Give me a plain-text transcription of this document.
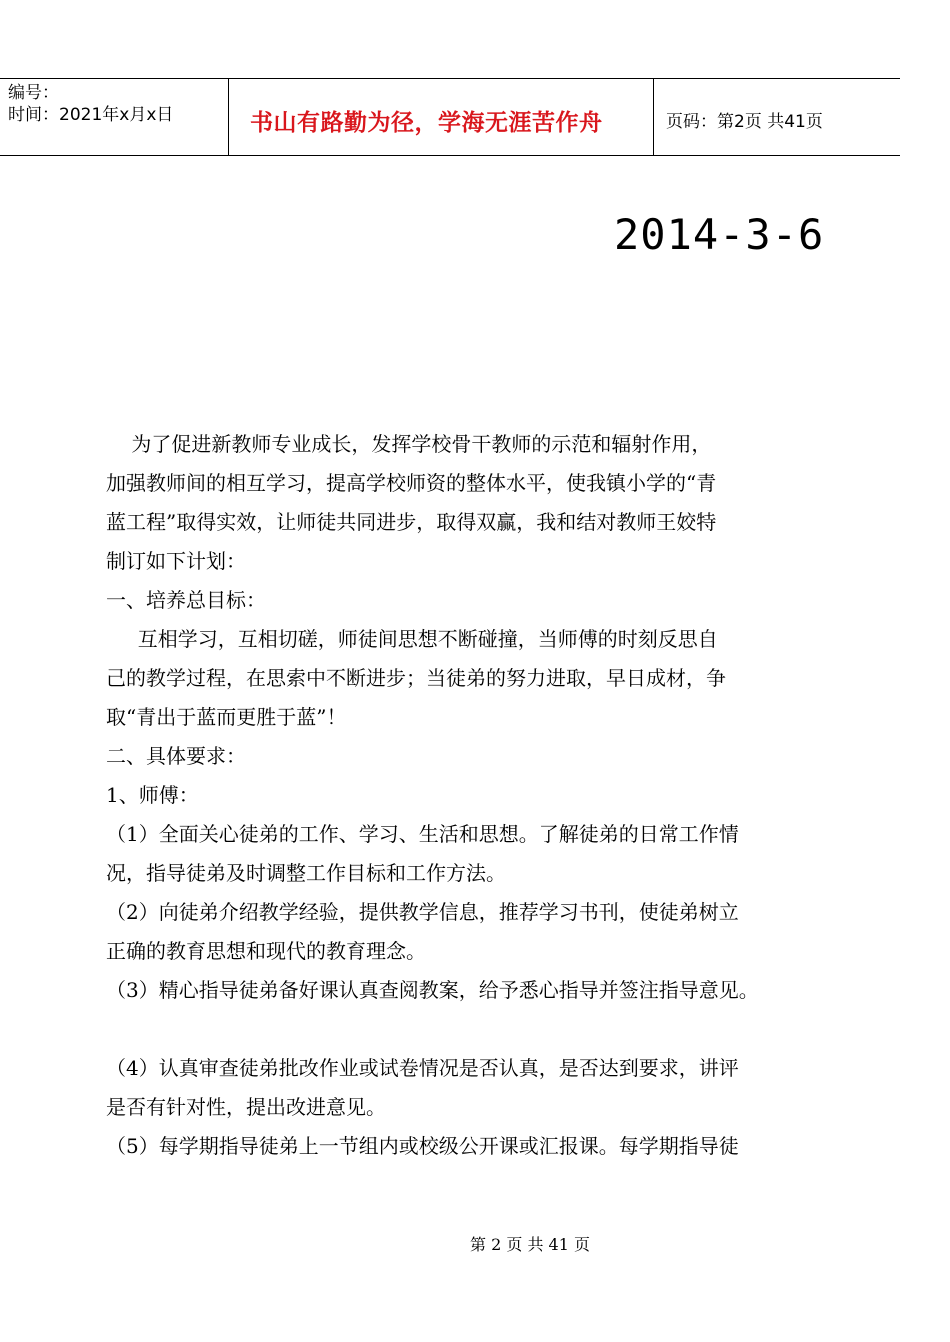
编号：
时间：2021年x月x日	书山有路勤为径，学海无涯苦作舟	页码：第2页 共41页
2014-3-6

为了促进新教师专业成长，发挥学校骨干教师的示范和辐射作用，

加强教师间的相互学习，提高学校师资的整体水平，使我镇小学的“青

蓝工程”取得实效，让师徒共同进步，取得双赢，我和结对教师王姣特

制订如下计划：

一、培养总目标：

互相学习，互相切磋，师徒间思想不断碰撞，当师傅的时刻反思自

己的教学过程，在思索中不断进步；当徒弟的努力进取，早日成材，争

取“青出于蓝而更胜于蓝”！

二、具体要求：

1、师傅：

（1）全面关心徒弟的工作、学习、生活和思想。了解徒弟的日常工作情

况，指导徒弟及时调整工作目标和工作方法。

（2）向徒弟介绍教学经验，提供教学信息，推荐学习书刊，使徒弟树立

正确的教育思想和现代的教育理念。

（3）精心指导徒弟备好课认真查阅教案，给予悉心指导并签注指导意见。

（4）认真审查徒弟批改作业或试卷情况是否认真，是否达到要求，讲评

是否有针对性，提出改进意见。

（5）每学期指导徒弟上一节组内或校级公开课或汇报课。每学期指导徒

第 2 页 共 41 页
